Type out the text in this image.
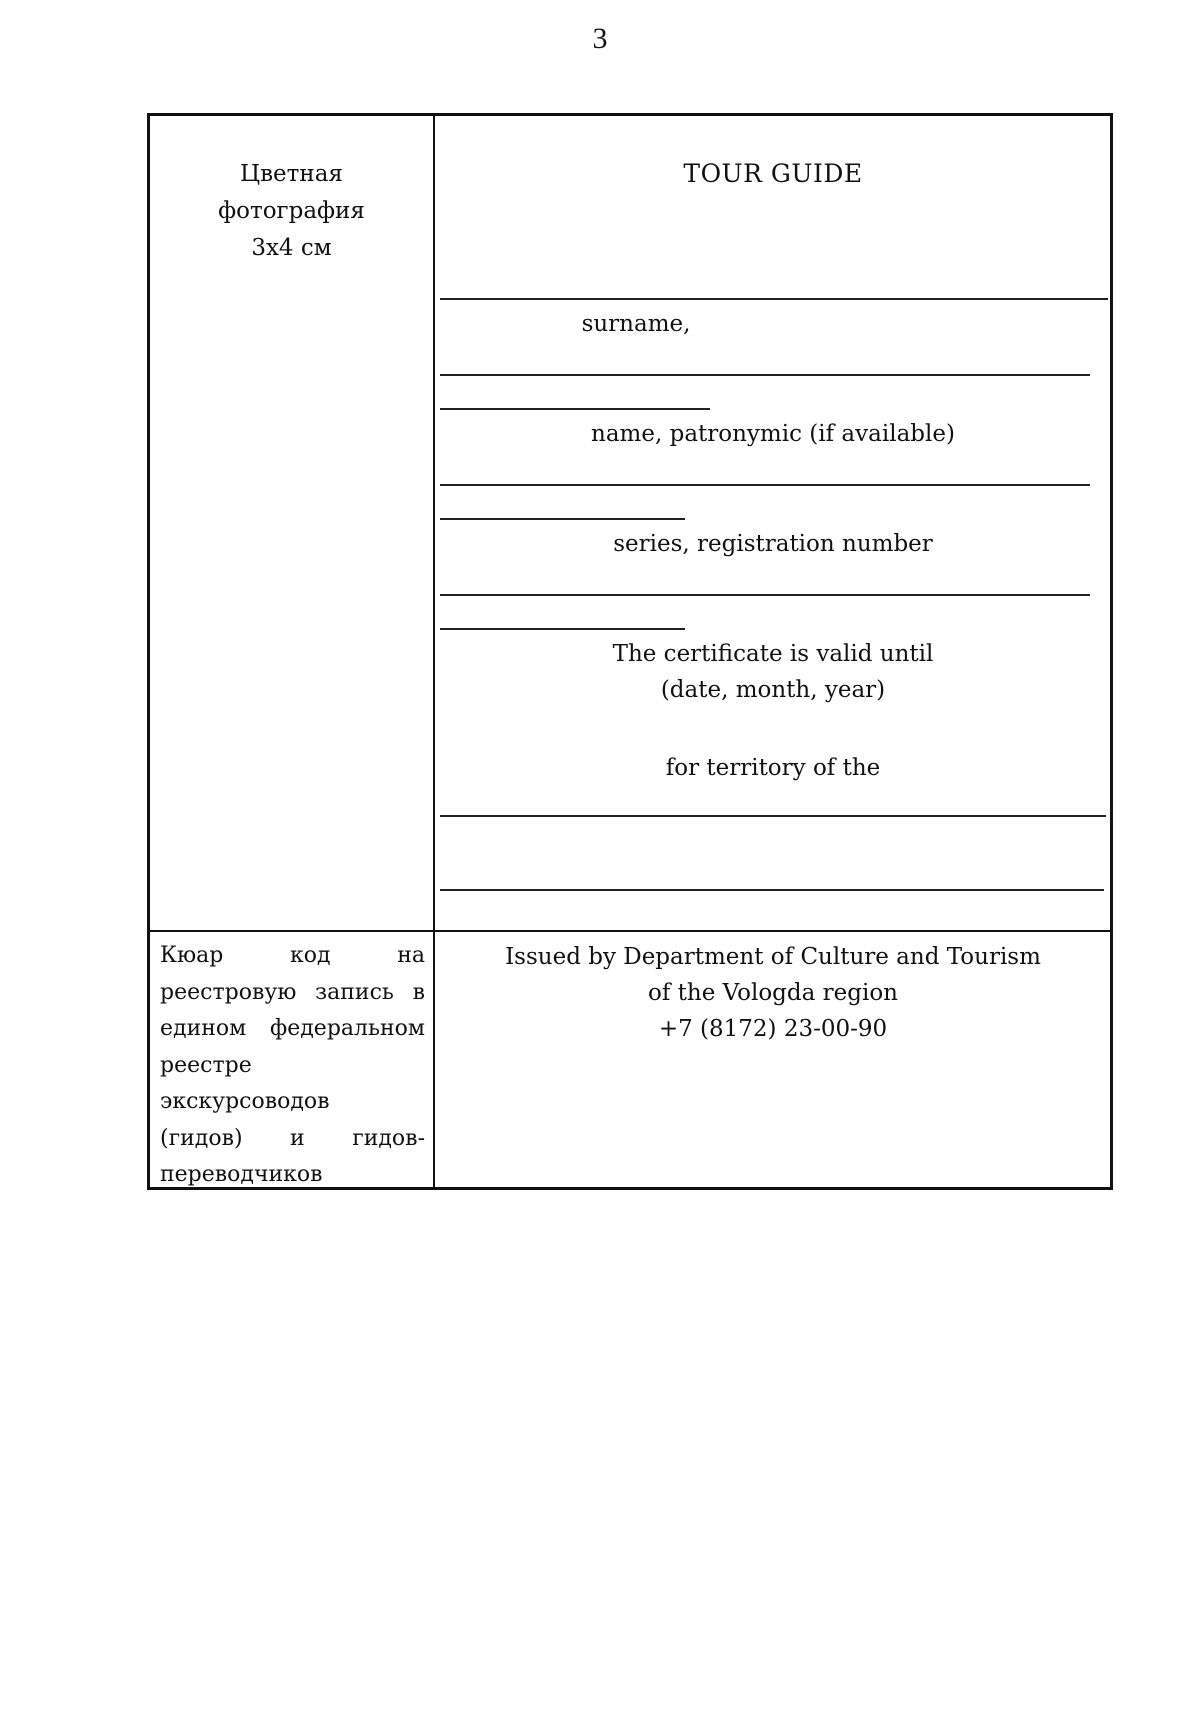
3
Цветная
фотография
3х4 см
TOUR GUIDE
surname,
name, patronymic (if available)
series, registration number
The certificate is valid until
(date, month, year)
for territory of the
Кюар код на
реестровую запись в
едином федеральном
реестре
экскурсоводов
(гидов) и гидов-
переводчиков
Issued by Department of Culture and Tourism
of the Vologda region
+7 (8172) 23-00-90
